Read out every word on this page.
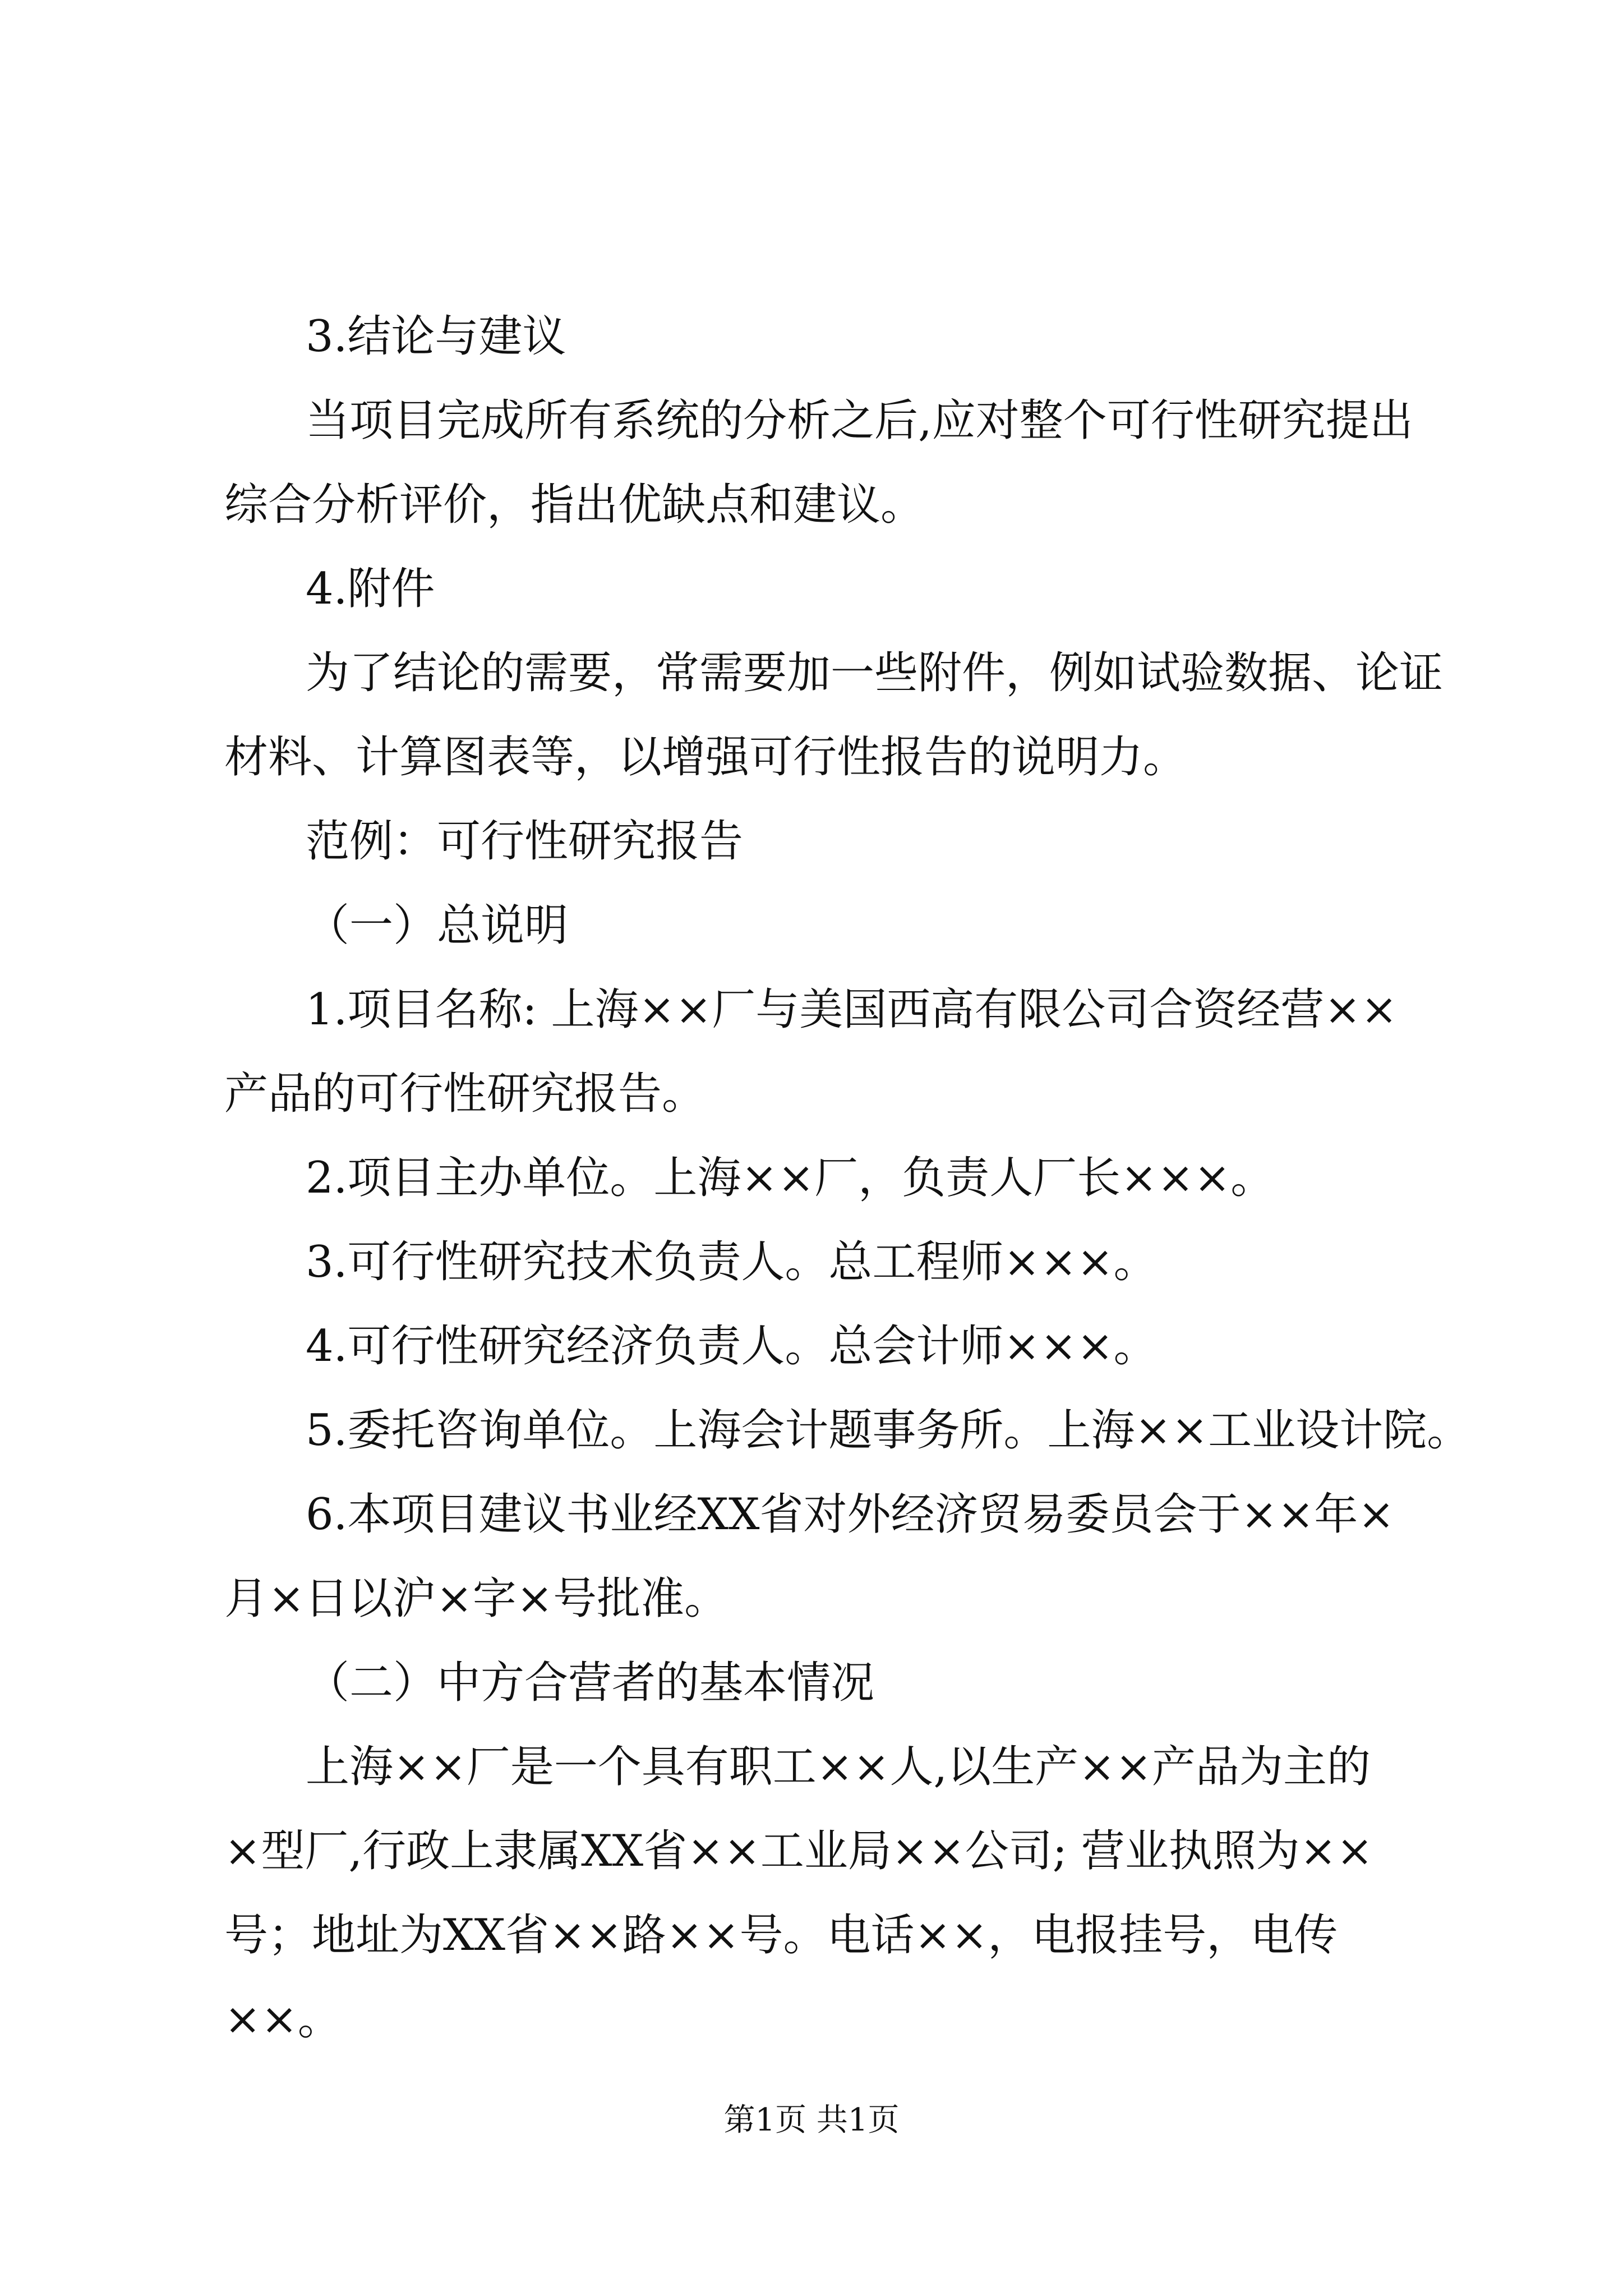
3.结论与建议
当项目完成所有系统的分析之后,应对整个可行性研究提出
综合分析评价，指出优缺点和建议。
4.附件
为了结论的需要，常需要加一些附件，例如试验数据、论证
材料、计算图表等，以增强可行性报告的说明力。
范例：可行性研究报告
（一）总说明
1.项目名称: 上海××厂与美国西高有限公司合资经营××
产品的可行性研究报告。
2.项目主办单位。上海××厂，负责人厂长×××。
3.可行性研究技术负责人。总工程师×××。
4.可行性研究经济负责人。总会计师×××。
5.委托咨询单位。上海会计题事务所。上海××工业设计院。
6.本项目建议书业经XX省对外经济贸易委员会于××年×
月×日以沪×字×号批准。
（二）中方合营者的基本情况
上海××厂是一个具有职工××人,以生产××产品为主的
×型厂,行政上隶属XX省××工业局××公司; 营业执照为××
号；地址为XX省××路××号。电话××，电报挂号，电传
××。
第1页 共1页
